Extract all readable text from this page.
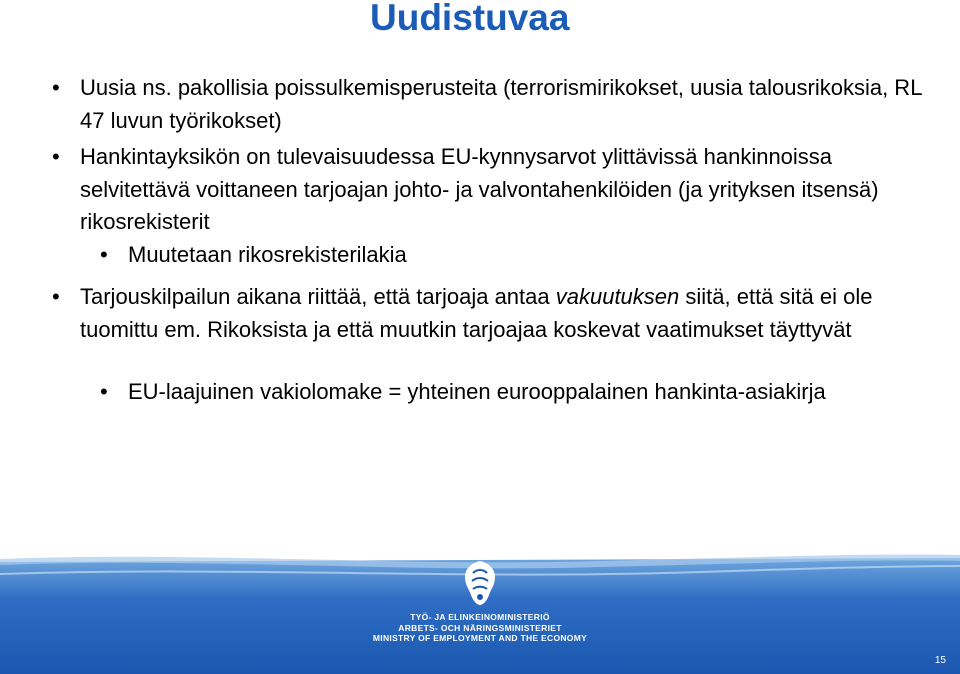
Uudistuvaa
• Uusia ns. pakollisia poissulkemisperusteita (terrorismirikokset, uusia talousrikoksia, RL 47 luvun työrikokset)
• Hankintayksikön on tulevaisuudessa EU-kynnysarvot ylittävissä hankinnoissa selvitettävä voittaneen tarjoajan johto- ja valvontahenkilöiden (ja yrityksen itsensä) rikosrekisterit
• Muutetaan rikosrekisterilakia
• Tarjouskilpailun aikana riittää, että tarjoaja antaa vakuutuksen siitä, että sitä ei ole tuomittu em. Rikoksista ja että muutkin tarjoajaa koskevat vaatimukset täyttyvät
• EU-laajuinen vakiolomake = yhteinen eurooppalainen hankinta-asiakirja
TYÖ- JA ELINKEINOMINISTERIÖ
ARBETS- OCH NÄRINGSMINISTERIET
MINISTRY OF EMPLOYMENT AND THE ECONOMY
15
